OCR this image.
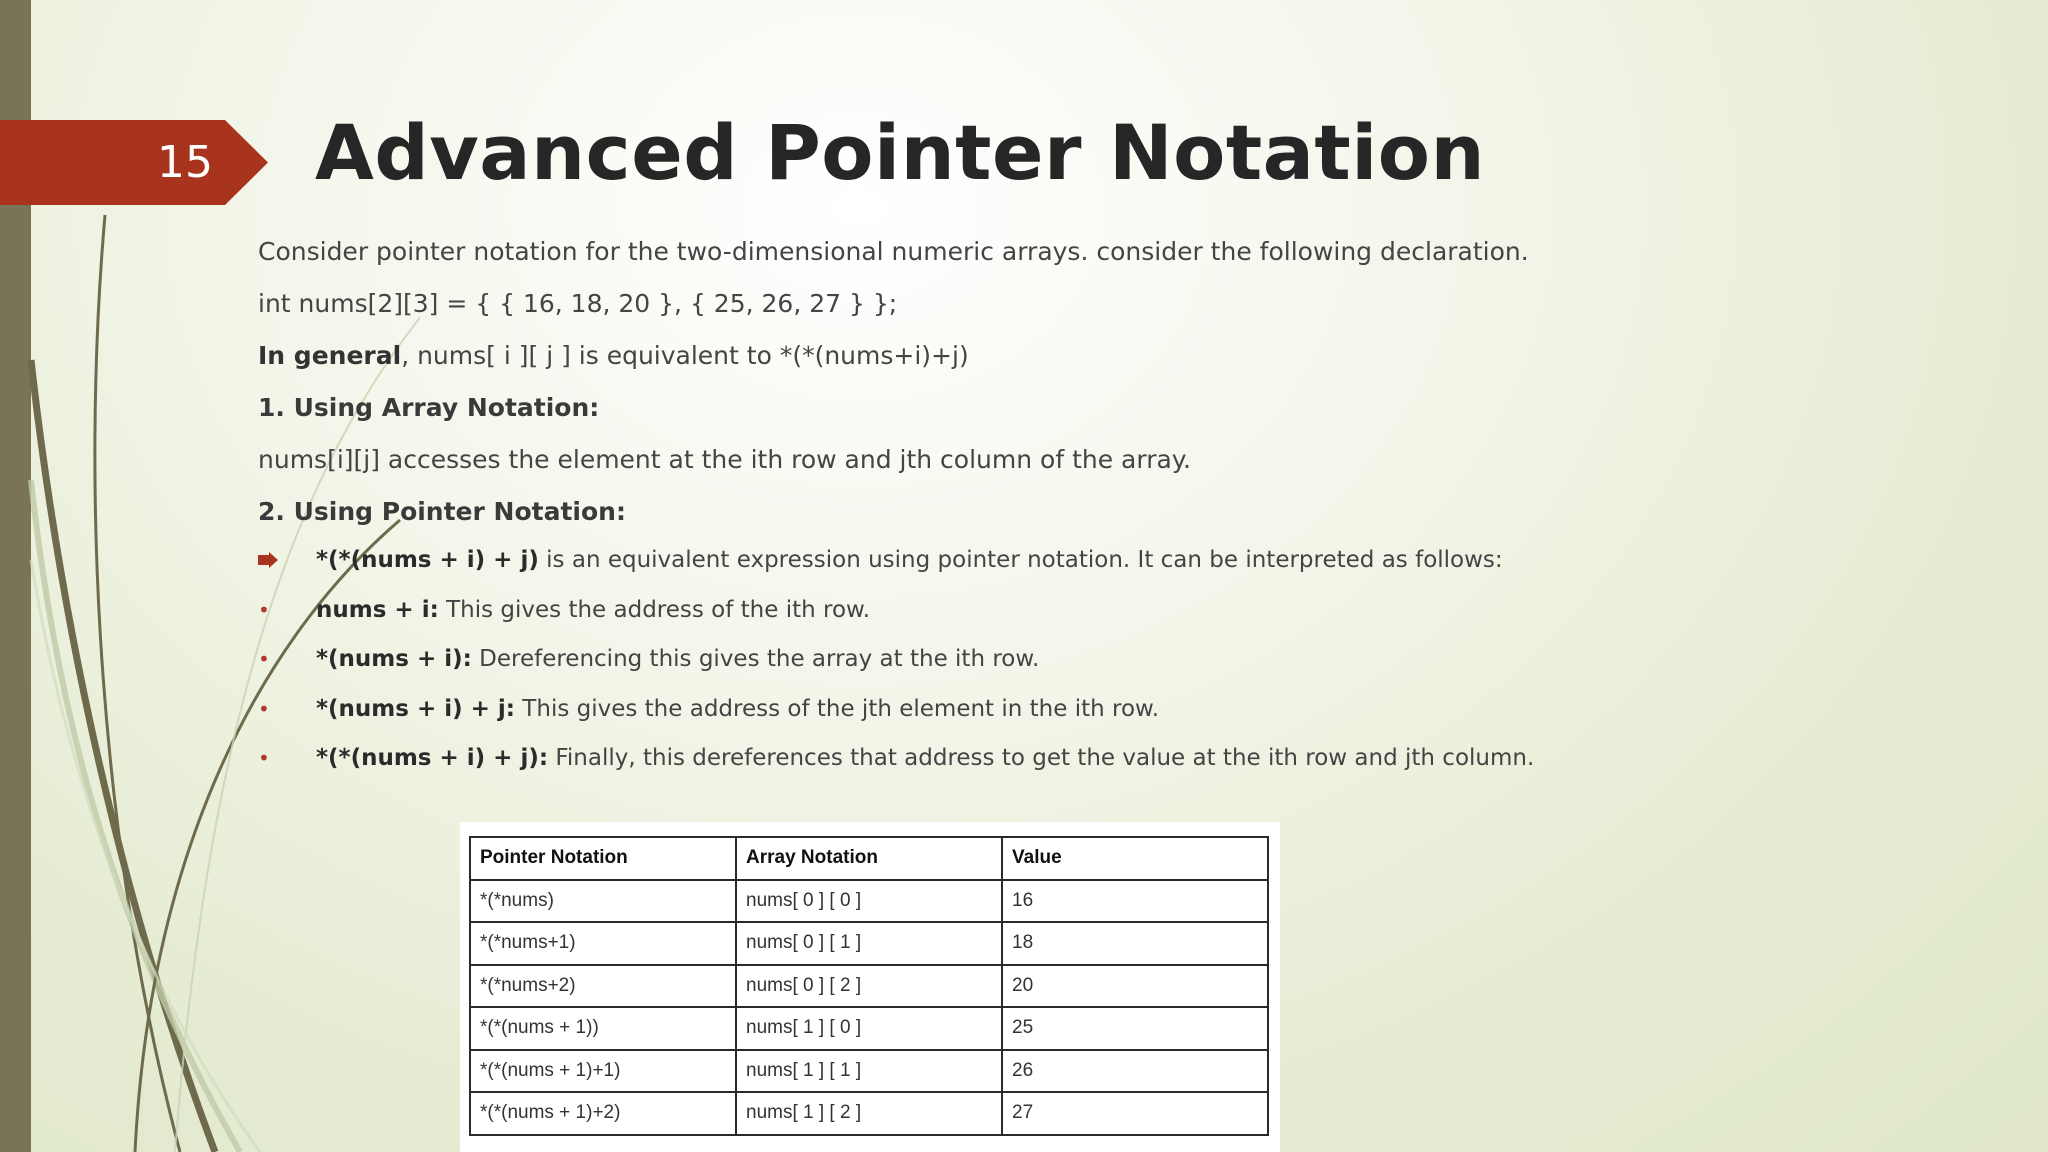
15 Advanced Pointer Notation

Consider pointer notation for the two-dimensional numeric arrays. consider the following declaration.

int nums[2][3] = { { 16, 18, 20 }, { 25, 26, 27 } };

In general, nums[ i ][ j ] is equivalent to *(*(nums+i)+j)

1. Using Array Notation:

nums[i][j] accesses the element at the ith row and jth column of the array.

2. Using Pointer Notation:

*(*(nums + i) + j) is an equivalent expression using pointer notation. It can be interpreted as follows:
• nums + i: This gives the address of the ith row.
• *(nums + i): Dereferencing this gives the array at the ith row.
• *(nums + i) + j: This gives the address of the jth element in the ith row.
• *(*(nums + i) + j): Finally, this dereferences that address to get the value at the ith row and jth column.
Pointer Notation	Array Notation	Value
*(*nums)	nums[ 0 ] [ 0 ]	16
*(*nums+1)	nums[ 0 ] [ 1 ]	18
*(*nums+2)	nums[ 0 ] [ 2 ]	20
*(*(nums + 1))	nums[ 1 ] [ 0 ]	25
*(*(nums + 1)+1)	nums[ 1 ] [ 1 ]	26
*(*(nums + 1)+2)	nums[ 1 ] [ 2 ]	27
